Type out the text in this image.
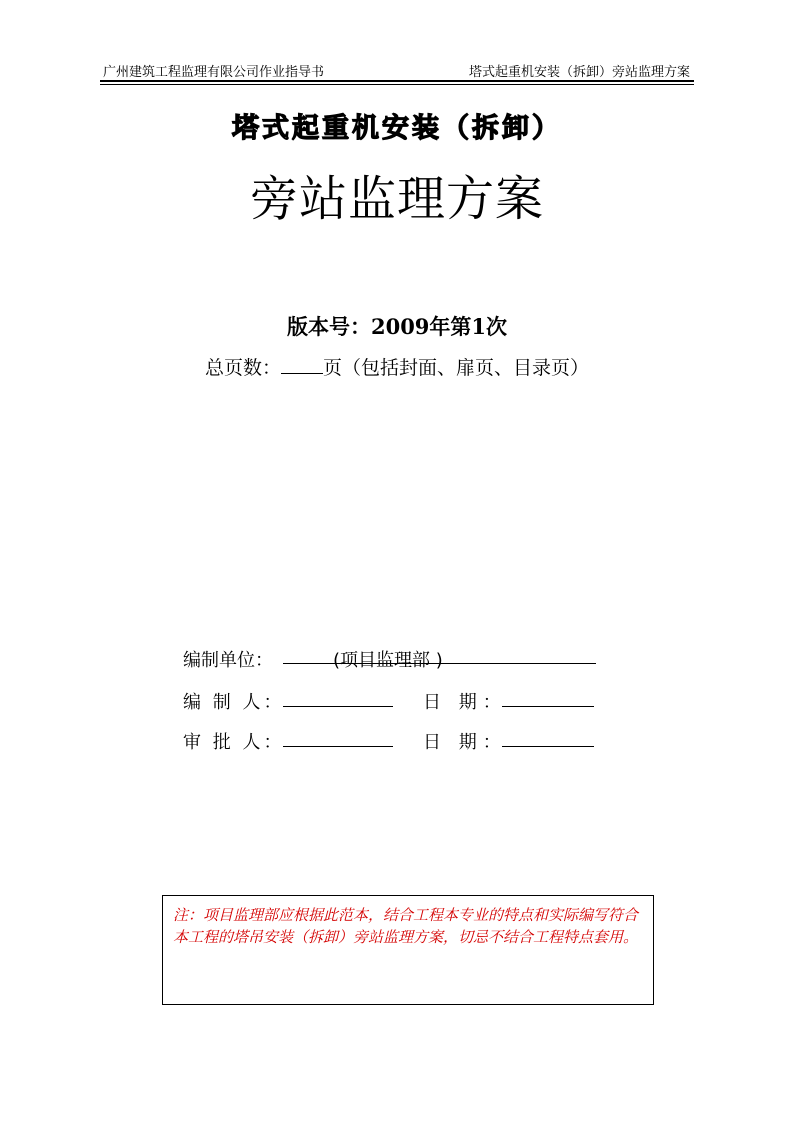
广州建筑工程监理有限公司作业指导书	塔式起重机安装（拆卸）旁站监理方案
塔式起重机安装（拆卸）
旁站监理方案
版本号：2009年第1次
总页数： 页（包括封面、扉页、目录页）
编制单位：	(项目监理部 )
编 制 人：	日 期：
审 批 人：	日 期：
注：项目监理部应根据此范本，结合工程本专业的特点和实际编写符合本工程的塔吊安装（拆卸）旁站监理方案，切忌不结合工程特点套用。
